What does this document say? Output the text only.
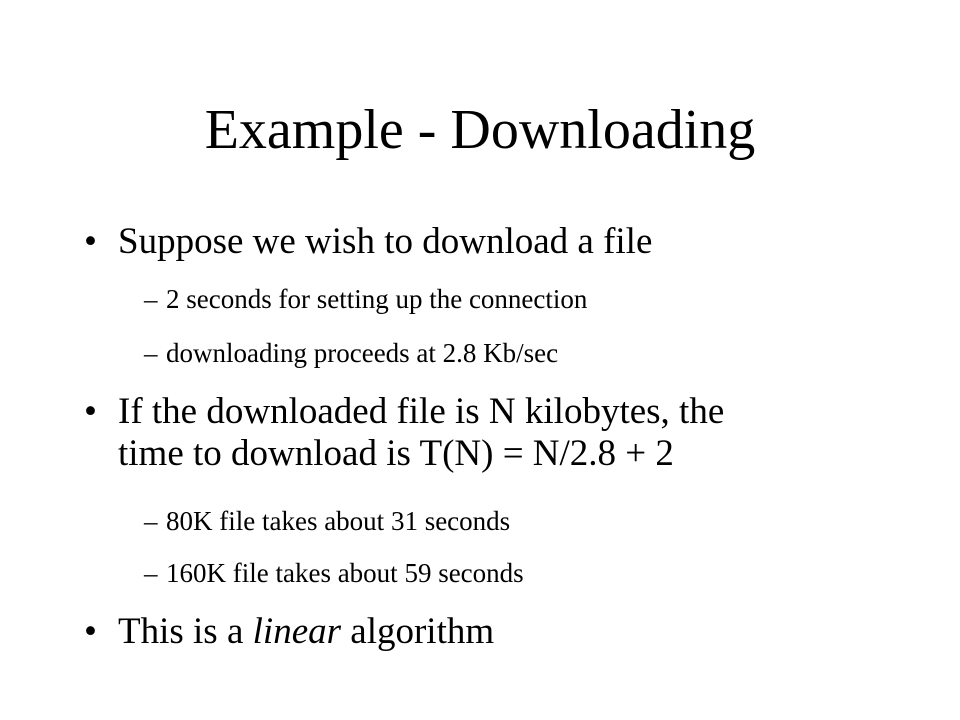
Example - Downloading
• Suppose we wish to download a file
– 2 seconds for setting up the connection
– downloading proceeds at 2.8 Kb/sec
• If the downloaded file is N kilobytes, the
time to download is T(N) = N/2.8 + 2
– 80K file takes about 31 seconds
– 160K file takes about 59 seconds
• This is a linear algorithm
